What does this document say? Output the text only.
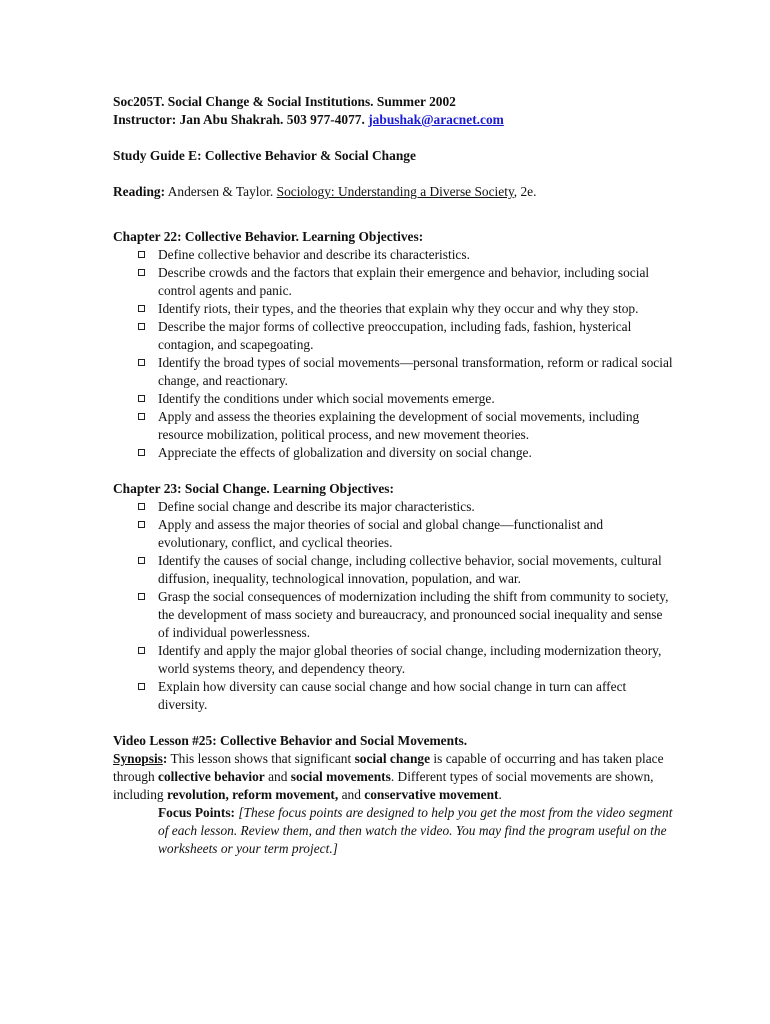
Soc205T. Social Change & Social Institutions. Summer 2002
Instructor: Jan Abu Shakrah. 503 977-4077. jabushak@aracnet.com
Study Guide E: Collective Behavior & Social Change
Reading: Andersen & Taylor. Sociology: Understanding a Diverse Society, 2e.
Chapter 22: Collective Behavior. Learning Objectives:
Define collective behavior and describe its characteristics.
Describe crowds and the factors that explain their emergence and behavior, including social control agents and panic.
Identify riots, their types, and the theories that explain why they occur and why they stop.
Describe the major forms of collective preoccupation, including fads, fashion, hysterical contagion, and scapegoating.
Identify the broad types of social movements—personal transformation, reform or radical social change, and reactionary.
Identify the conditions under which social movements emerge.
Apply and assess the theories explaining the development of social movements, including resource mobilization, political process, and new movement theories.
Appreciate the effects of globalization and diversity on social change.
Chapter 23: Social Change. Learning Objectives:
Define social change and describe its major characteristics.
Apply and assess the major theories of social and global change—functionalist and evolutionary, conflict, and cyclical theories.
Identify the causes of social change, including collective behavior, social movements, cultural diffusion, inequality, technological innovation, population, and war.
Grasp the social consequences of modernization including the shift from community to society, the development of mass society and bureaucracy, and pronounced social inequality and sense of individual powerlessness.
Identify and apply the major global theories of social change, including modernization theory, world systems theory, and dependency theory.
Explain how diversity can cause social change and how social change in turn can affect diversity.
Video Lesson #25: Collective Behavior and Social Movements.
Synopsis: This lesson shows that significant social change is capable of occurring and has taken place through collective behavior and social movements. Different types of social movements are shown, including revolution, reform movement, and conservative movement.
Focus Points: [These focus points are designed to help you get the most from the video segment of each lesson. Review them, and then watch the video. You may find the program useful on the worksheets or your term project.]
